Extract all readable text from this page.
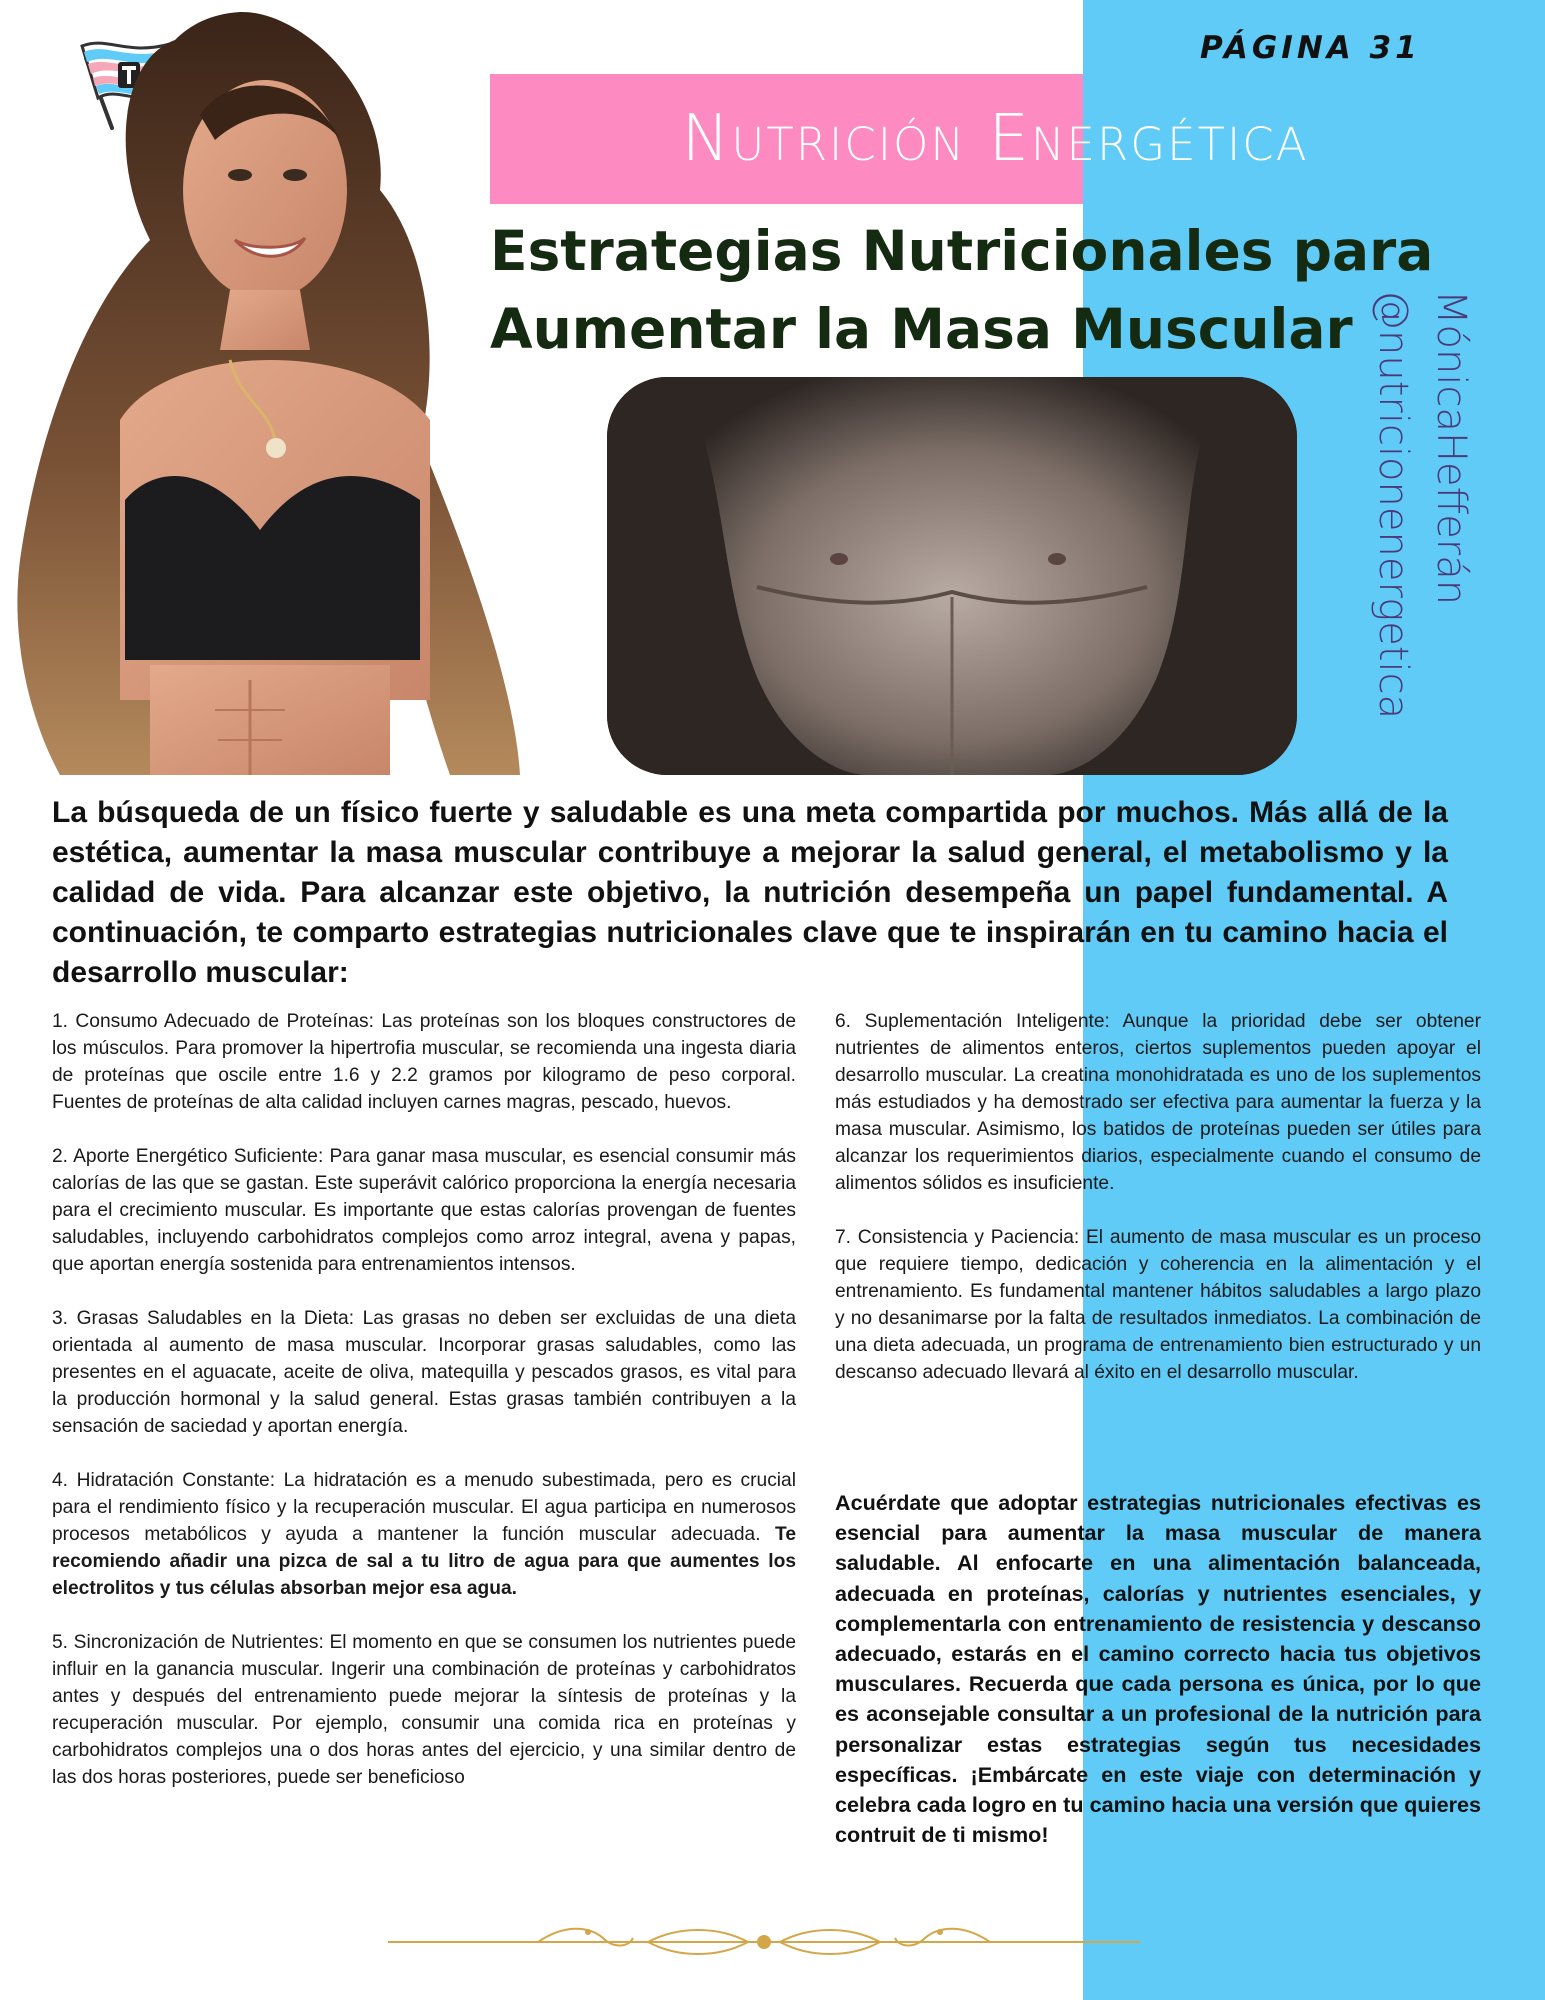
PÁGINA 31
Nutrición Energética
Estrategias Nutricionales para Aumentar la Masa Muscular	MónicaHefferán
@nutricionenergetica
La búsqueda de un físico fuerte y saludable es una meta compartida por muchos. Más allá de la estética, aumentar la masa muscular contribuye a mejorar la salud general, el metabolismo y la calidad de vida. Para alcanzar este objetivo, la nutrición desempeña un papel fundamental. A continuación, te comparto estrategias nutricionales clave que te inspirarán en tu camino hacia el desarrollo muscular:

1. Consumo Adecuado de Proteínas: Las proteínas son los bloques constructores de los músculos. Para promover la hipertrofia muscular, se recomienda una ingesta diaria de proteínas que oscile entre 1.6 y 2.2 gramos por kilogramo de peso corporal. Fuentes de proteínas de alta calidad incluyen carnes magras, pescado, huevos.

2. Aporte Energético Suficiente: Para ganar masa muscular, es esencial consumir más calorías de las que se gastan. Este superávit calórico proporciona la energía necesaria para el crecimiento muscular. Es importante que estas calorías provengan de fuentes saludables, incluyendo carbohidratos complejos como arroz integral, avena y papas, que aportan energía sostenida para entrenamientos intensos.

3. Grasas Saludables en la Dieta: Las grasas no deben ser excluidas de una dieta orientada al aumento de masa muscular. Incorporar grasas saludables, como las presentes en el aguacate, aceite de oliva, matequilla y pescados grasos, es vital para la producción hormonal y la salud general. Estas grasas también contribuyen a la sensación de saciedad y aportan energía.

4. Hidratación Constante: La hidratación es a menudo subestimada, pero es crucial para el rendimiento físico y la recuperación muscular. El agua participa en numerosos procesos metabólicos y ayuda a mantener la función muscular adecuada. Te recomiendo añadir una pizca de sal a tu litro de agua para que aumentes los electrolitos y tus células absorban mejor esa agua.

5. Sincronización de Nutrientes: El momento en que se consumen los nutrientes puede influir en la ganancia muscular. Ingerir una combinación de proteínas y carbohidratos antes y después del entrenamiento puede mejorar la síntesis de proteínas y la recuperación muscular. Por ejemplo, consumir una comida rica en proteínas y carbohidratos complejos una o dos horas antes del ejercicio, y una similar dentro de las dos horas posteriores, puede ser beneficioso

6. Suplementación Inteligente: Aunque la prioridad debe ser obtener nutrientes de alimentos enteros, ciertos suplementos pueden apoyar el desarrollo muscular. La creatina monohidratada es uno de los suplementos más estudiados y ha demostrado ser efectiva para aumentar la fuerza y la masa muscular. Asimismo, los batidos de proteínas pueden ser útiles para alcanzar los requerimientos diarios, especialmente cuando el consumo de alimentos sólidos es insuficiente.

7. Consistencia y Paciencia: El aumento de masa muscular es un proceso que requiere tiempo, dedicación y coherencia en la alimentación y el entrenamiento. Es fundamental mantener hábitos saludables a largo plazo y no desanimarse por la falta de resultados inmediatos. La combinación de una dieta adecuada, un programa de entrenamiento bien estructurado y un descanso adecuado llevará al éxito en el desarrollo muscular.

Acuérdate que adoptar estrategias nutricionales efectivas es esencial para aumentar la masa muscular de manera saludable. Al enfocarte en una alimentación balanceada, adecuada en proteínas, calorías y nutrientes esenciales, y complementarla con entrenamiento de resistencia y descanso adecuado, estarás en el camino correcto hacia tus objetivos musculares. Recuerda que cada persona es única, por lo que es aconsejable consultar a un profesional de la nutrición para personalizar estas estrategias según tus necesidades específicas. ¡Embárcate en este viaje con determinación y celebra cada logro en tu camino hacia una versión que quieres contruit de ti mismo!
